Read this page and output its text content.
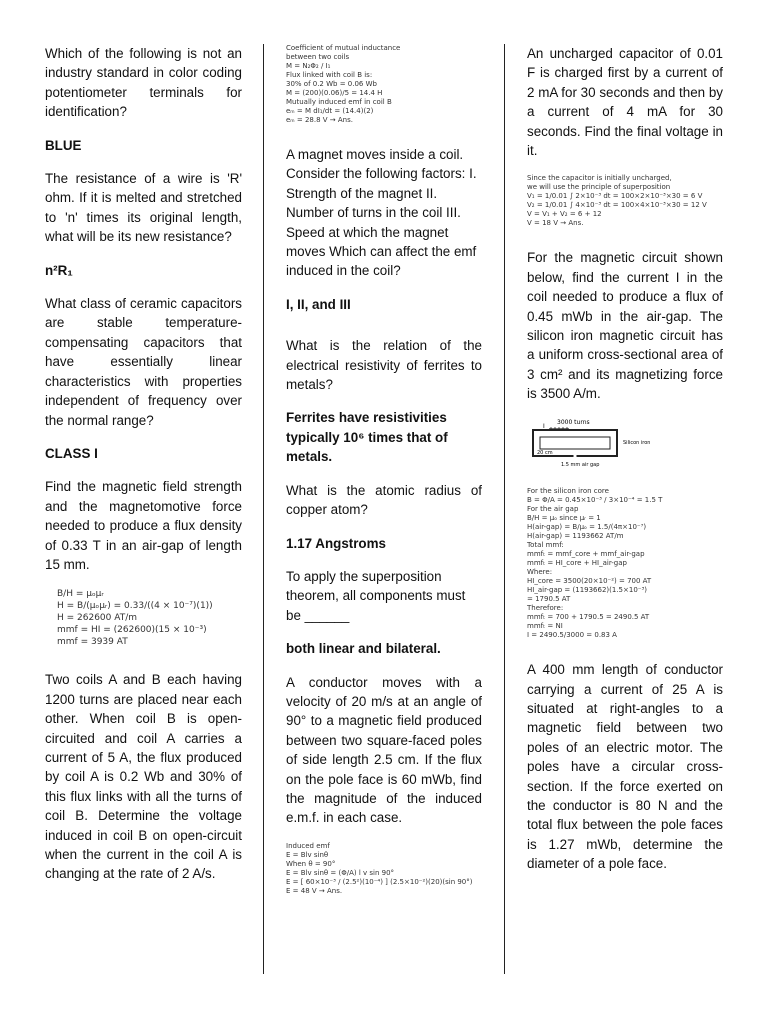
Which of the following is not an industry standard in color coding potentiometer terminals for identification?

BLUE

The resistance of a wire is 'R' ohm. If it is melted and stretched to 'n' times its original length, what will be its new resistance?

n²R₁

What class of ceramic capacitors are stable temperature-compensating capacitors that have essentially linear characteristics with properties independent of frequency over the normal range?

CLASS I

Find the magnetic field strength and the magnetomotive force needed to produce a flux density of 0.33 T in an air-gap of length 15 mm.

B/H = μₒμᵣ
H = B/(μₒμᵣ) = 0.33/((4 × 10⁻⁷)(1))
H = 262600 AT/m
mmf = HI = (262600)(15 × 10⁻³)
mmf = 3939 AT

Two coils A and B each having 1200 turns are placed near each other. When coil B is open-circuited and coil A carries a current of 5 A, the flux produced by coil A is 0.2 Wb and 30% of this flux links with all the turns of coil B. Determine the voltage induced in coil B on open-circuit when the current in the coil A is changing at the rate of 2 A/s.

Coefficient of mutual inductance
between two coils
M = N₂Φ₂ / I₁
Flux linked with coil B is:
30% of 0.2 Wb = 0.06 Wb
M = (200)(0.06)/5 = 14.4 H
Mutually induced emf in coil B
eₘ = M dI₁/dt = (14.4)(2)
eₘ = 28.8 V → Ans.

A magnet moves inside a coil. Consider the following factors: I. Strength of the magnet II. Number of turns in the coil III. Speed at which the magnet moves Which can affect the emf induced in the coil?

I, II, and III

What is the relation of the electrical resistivity of ferrites to metals?

Ferrites have resistivities typically 10⁶ times that of metals.

What is the atomic radius of copper atom?

1.17 Angstroms

To apply the superposition theorem, all components must be ______

both linear and bilateral.

A conductor moves with a velocity of 20 m/s at an angle of 90° to a magnetic field produced between two square-faced poles of side length 2.5 cm. If the flux on the pole face is 60 mWb, find the magnitude of the induced e.m.f. in each case.

Induced emf
E = Blv sinθ
When θ = 90°
E = Blv sinθ = (Φ/A) l v sin 90°
E = [ 60×10⁻³ / (2.5²)(10⁻⁴) ] (2.5×10⁻²)(20)(sin 90°)
E = 48 V → Ans.

An uncharged capacitor of 0.01 F is charged first by a current of 2 mA for 30 seconds and then by a current of 4 mA for 30 seconds. Find the final voltage in it.

Since the capacitor is initially uncharged,
we will use the principle of superposition
V₁ = 1/0.01 ∫ 2×10⁻³ dt = 100×2×10⁻³×30 = 6 V
V₂ = 1/0.01 ∫ 4×10⁻³ dt = 100×4×10⁻³×30 = 12 V
V = V₁ + V₂ = 6 + 12
V = 18 V → Ans.

For the magnetic circuit shown below, find the current I in the coil needed to produce a flux of 0.45 mWb in the air-gap. The silicon iron magnetic circuit has a uniform cross-sectional area of 3 cm² and its magnetizing force is 3500 A/m.

3000 turns
I
20 cm
Silicon iron
1.5 mm air gap
For the silicon iron core
B = Φ/A = 0.45×10⁻³ / 3×10⁻⁴ = 1.5 T
For the air gap
B/H = μₒ since μᵣ = 1
H(air-gap) = B/μₒ = 1.5/(4π×10⁻⁷)
H(air-gap) = 1193662 AT/m
Total mmf:
mmfₜ = mmf_core + mmf_air-gap
mmfₜ = HI_core + HI_air-gap
Where:
HI_core = 3500(20×10⁻²) = 700 AT
HI_air-gap = (1193662)(1.5×10⁻³)
= 1790.5 AT
Therefore:
mmfₜ = 700 + 1790.5 = 2490.5 AT
mmfₜ = NI
I = 2490.5/3000 = 0.83 A

A 400 mm length of conductor carrying a current of 25 A is situated at right-angles to a magnetic field between two poles of an electric motor. The poles have a circular cross-section. If the force exerted on the conductor is 80 N and the total flux between the pole faces is 1.27 mWb, determine the diameter of a pole face.
